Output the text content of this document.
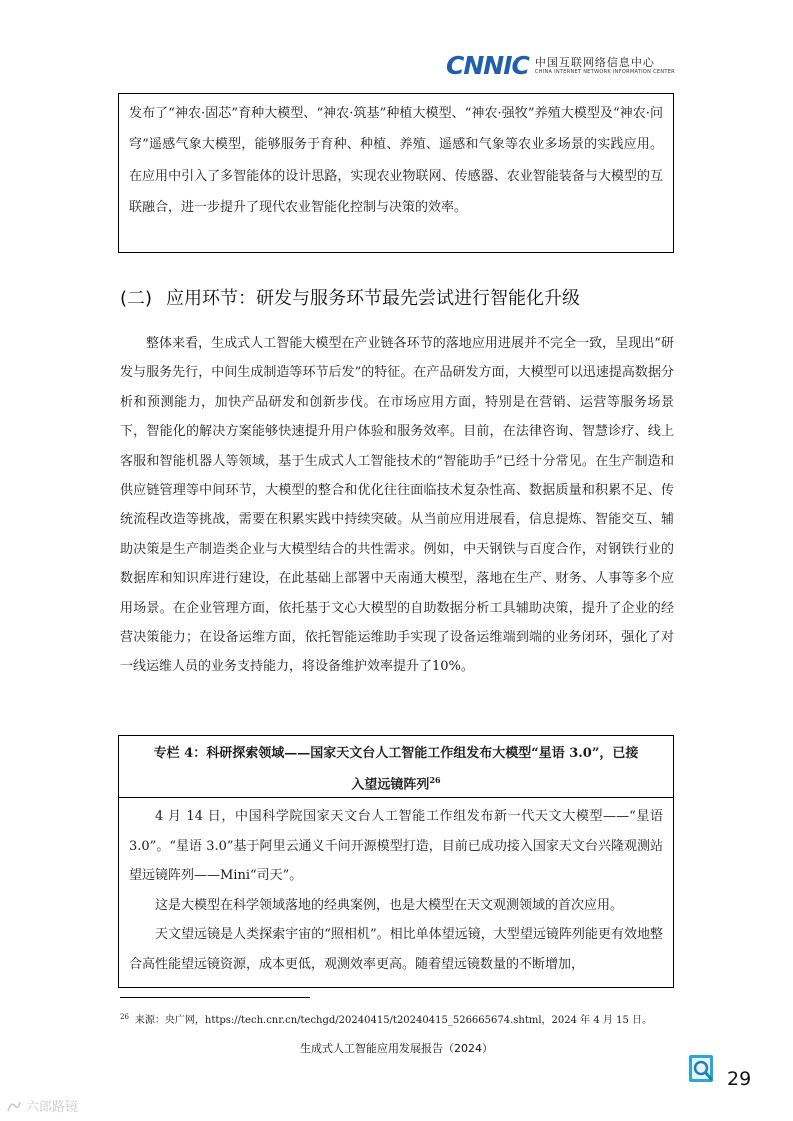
CNNIC 中国互联网络信息中心
CHINA INTERNET NETWORK INFORMATION CENTER

发布了“神农·固芯”育种大模型、“神农·筑基”种植大模型、“神农·强牧”养殖大模型及“神农·问穹”遥感气象大模型，能够服务于育种、种植、养殖、遥感和气象等农业多场景的实践应用。在应用中引入了多智能体的设计思路，实现农业物联网、传感器、农业智能装备与大模型的互联融合，进一步提升了现代农业智能化控制与决策的效率。

(二) 应用环节：研发与服务环节最先尝试进行智能化升级

整体来看，生成式人工智能大模型在产业链各环节的落地应用进展并不完全一致，呈现出“研发与服务先行，中间生成制造等环节后发”的特征。在产品研发方面，大模型可以迅速提高数据分析和预测能力，加快产品研发和创新步伐。在市场应用方面，特别是在营销、运营等服务场景下，智能化的解决方案能够快速提升用户体验和服务效率。目前，在法律咨询、智慧诊疗、线上客服和智能机器人等领域，基于生成式人工智能技术的“智能助手”已经十分常见。在生产制造和供应链管理等中间环节，大模型的整合和优化往往面临技术复杂性高、数据质量和积累不足、传统流程改造等挑战，需要在积累实践中持续突破。从当前应用进展看，信息提炼、智能交互、辅助决策是生产制造类企业与大模型结合的共性需求。例如，中天钢铁与百度合作，对钢铁行业的数据库和知识库进行建设，在此基础上部署中天南通大模型，落地在生产、财务、人事等多个应用场景。在企业管理方面，依托基于文心大模型的自助数据分析工具辅助决策，提升了企业的经营决策能力；在设备运维方面，依托智能运维助手实现了设备运维端到端的业务闭环，强化了对一线运维人员的业务支持能力，将设备维护效率提升了10%。

专栏 4：科研探索领域——国家天文台人工智能工作组发布大模型“星语 3.0”，已接
入望远镜阵列$^{26}$

4 月 14 日，中国科学院国家天文台人工智能工作组发布新一代天文大模型——“星语 3.0”。“星语 3.0”基于阿里云通义千问开源模型打造，目前已成功接入国家天文台兴隆观测站望远镜阵列——Mini“司天”。

这是大模型在科学领域落地的经典案例，也是大模型在天文观测领域的首次应用。

天文望远镜是人类探索宇宙的“照相机”。相比单体望远镜，大型望远镜阵列能更有效地整合高性能望远镜资源，成本更低，观测效率更高。随着望远镜数量的不断增加，

$^{26}$ 来源：央广网，https://tech.cnr.cn/techgd/20240415/t20240415_526665674.shtml，2024 年 4 月 15 日。
生成式人工智能应用发展报告（2024）
29
六郎路镜
